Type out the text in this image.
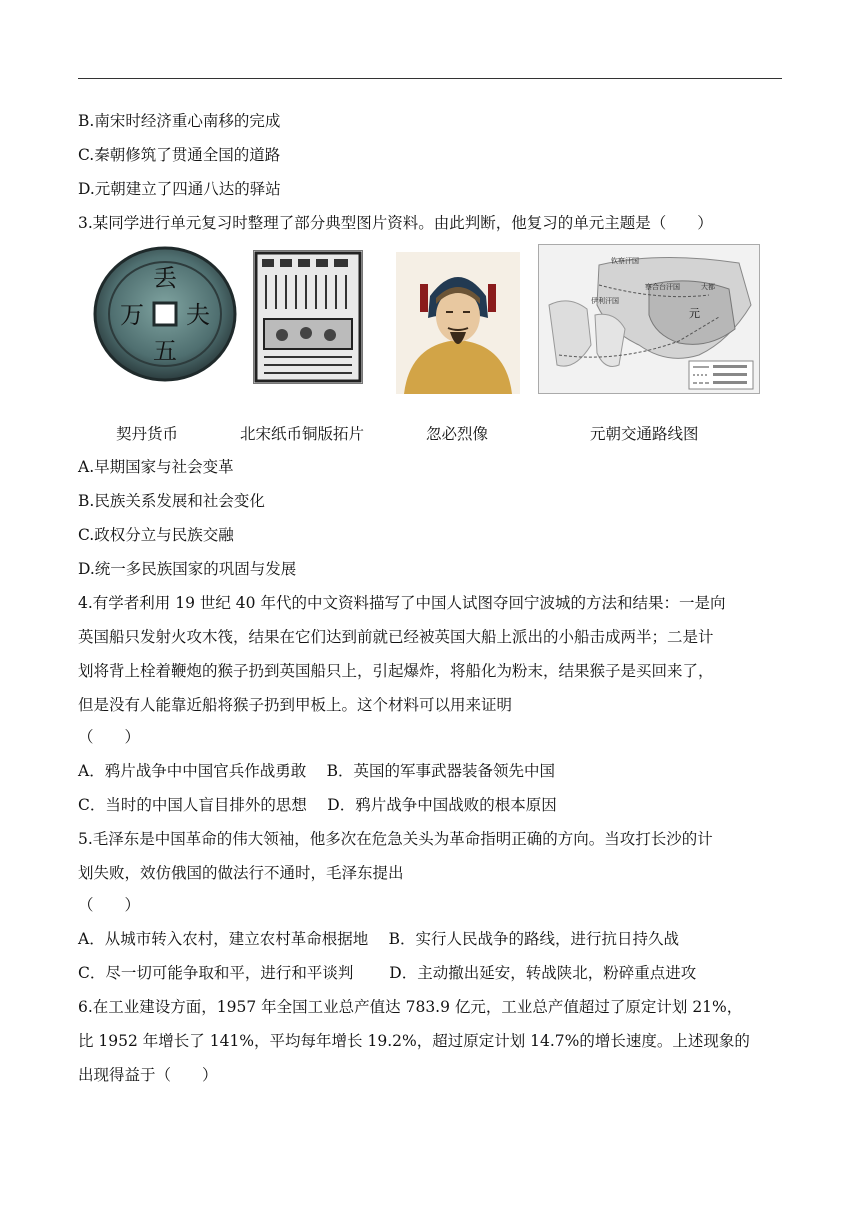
B.南宋时经济重心南移的完成
C.秦朝修筑了贯通全国的道路
D.元朝建立了四通八达的驿站
3.某同学进行单元复习时整理了部分典型图片资料。由此判断，他复习的单元主题是（　　）
丢
夫
五
万
钦察汗国
察合台汗国
伊利汗国
元
大都
契丹货币	北宋纸币铜版拓片	忽必烈像	元朝交通路线图
A.早期国家与社会变革
B.民族关系发展和社会变化
C.政权分立与民族交融
D.统一多民族国家的巩固与发展
4.有学者利用 19 世纪 40 年代的中文资料描写了中国人试图夺回宁波城的方法和结果：一是向
英国船只发射火攻木筏，结果在它们达到前就已经被英国大船上派出的小船击成两半；二是计
划将背上栓着鞭炮的猴子扔到英国船只上，引起爆炸，将船化为粉末，结果猴子是买回来了，
但是没有人能靠近船将猴子扔到甲板上。这个材料可以用来证明
（　　）
A．鸦片战争中中国官兵作战勇敢　 B．英国的军事武器装备领先中国
C．当时的中国人盲目排外的思想　 D．鸦片战争中国战败的根本原因
5.毛泽东是中国革命的伟大领袖，他多次在危急关头为革命指明正确的方向。当攻打长沙的计
划失败，效仿俄国的做法行不通时，毛泽东提出
（　　）
A．从城市转入农村，建立农村革命根据地　 B．实行人民战争的路线，进行抗日持久战
C．尽一切可能争取和平，进行和平谈判　　 D．主动撤出延安，转战陕北，粉碎重点进攻
6.在工业建设方面，1957 年全国工业总产值达 783.9 亿元，工业总产值超过了原定计划 21%，
比 1952 年增长了 141%，平均每年增长 19.2%，超过原定计划 14.7%的增长速度。上述现象的
出现得益于（　　）
